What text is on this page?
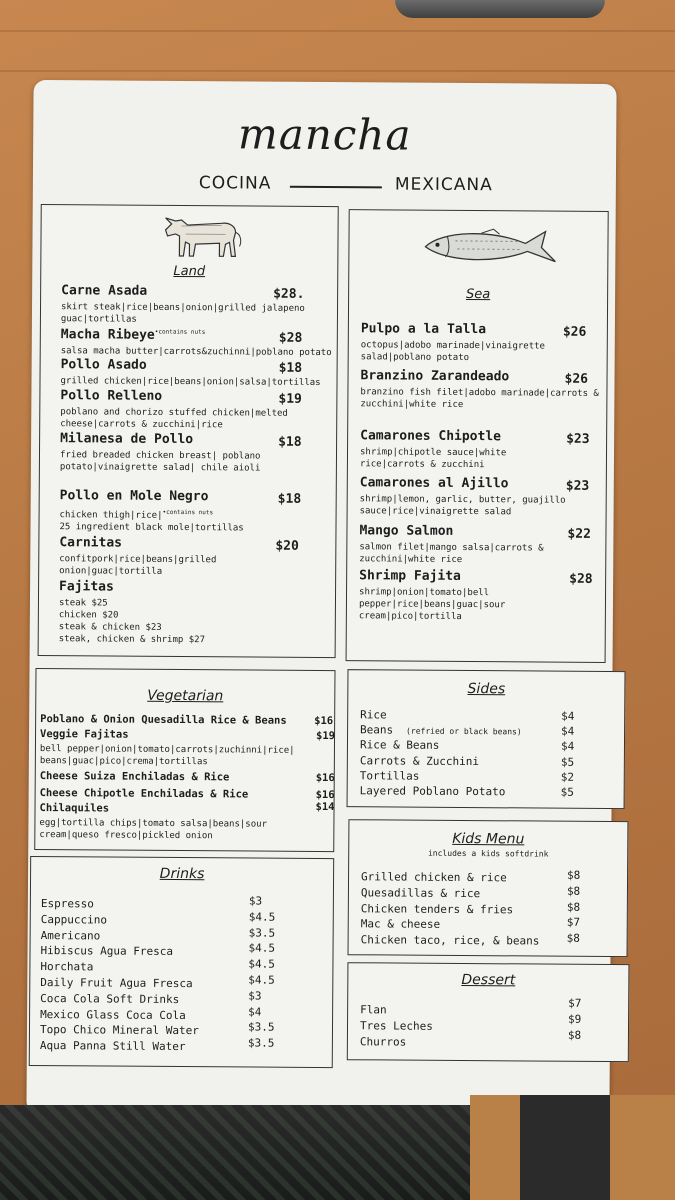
mancha
COCINA	MEXICANA
Land
Carne Asada	$28.
skirt steak|rice|beans|onion|grilled jalapeno guac|tortillas
Macha Ribeye$^{•contains nuts}$	$28
salsa macha butter|carrots&zuchinni|poblano potato
Pollo Asado	$18
grilled chicken|rice|beans|onion|salsa|tortillas
Pollo Relleno	$19
poblano and chorizo stuffed chicken|melted cheese|carrots & zucchini|rice
Milanesa de Pollo	$18
fried breaded chicken breast| poblano potato|vinaigrette salad| chile aioli
Pollo en Mole Negro	$18
chicken thigh|rice|$^{•contains nuts}$
25 ingredient black mole|tortillas
Carnitas	$20
confitpork|rice|beans|grilled onion|guac|tortilla
Fajitas
steak $25
chicken $20
steak & chicken $23
steak, chicken & shrimp $27
Sea
Pulpo a la Talla	$26
octopus|adobo marinade|vinaigrette salad|poblano potato
Branzino Zarandeado	$26
branzino fish filet|adobo marinade|carrots & zucchini|white rice
Camarones Chipotle	$23
shrimp|chipotle sauce|white rice|carrots & zucchini
Camarones al Ajillo	$23
shrimp|lemon, garlic, butter, guajillo sauce|rice|vinaigrette salad
Mango Salmon	$22
salmon filet|mango salsa|carrots & zucchini|white rice
Shrimp Fajita	$28
shrimp|onion|tomato|bell pepper|rice|beans|guac|sour cream|pico|tortilla
Vegetarian
Poblano & Onion Quesadilla Rice & Beans	$16
Veggie Fajitas	$19
bell pepper|onion|tomato|carrots|zuchinni|rice| beans|guac|pico|crema|tortillas
Cheese Suiza Enchiladas & Rice	$16
Cheese Chipotle Enchiladas & Rice	$16
Chilaquiles	$14
egg|tortilla chips|tomato salsa|beans|sour cream|queso fresco|pickled onion
Drinks
Espresso	$3
Cappuccino	$4.5
Americano	$3.5
Hibiscus Agua Fresca	$4.5
Horchata	$4.5
Daily Fruit Agua Fresca	$4.5
Coca Cola Soft Drinks	$3
Mexico Glass Coca Cola	$4
Topo Chico Mineral Water	$3.5
Aqua Panna Still Water	$3.5
Sides
Rice	$4
Beans	$4
Rice & Beans	$4
Carrots & Zucchini	$5
Tortillas	$2
Layered Poblano Potato	$5
(refried or black beans)
Kids Menu
includes a kids softdrink
Grilled chicken & rice	$8
Quesadillas & rice	$8
Chicken tenders & fries	$8
Mac & cheese	$7
Chicken taco, rice, & beans $8
Dessert
Flan
$7
Tres Leches
$9
Churros
$8
